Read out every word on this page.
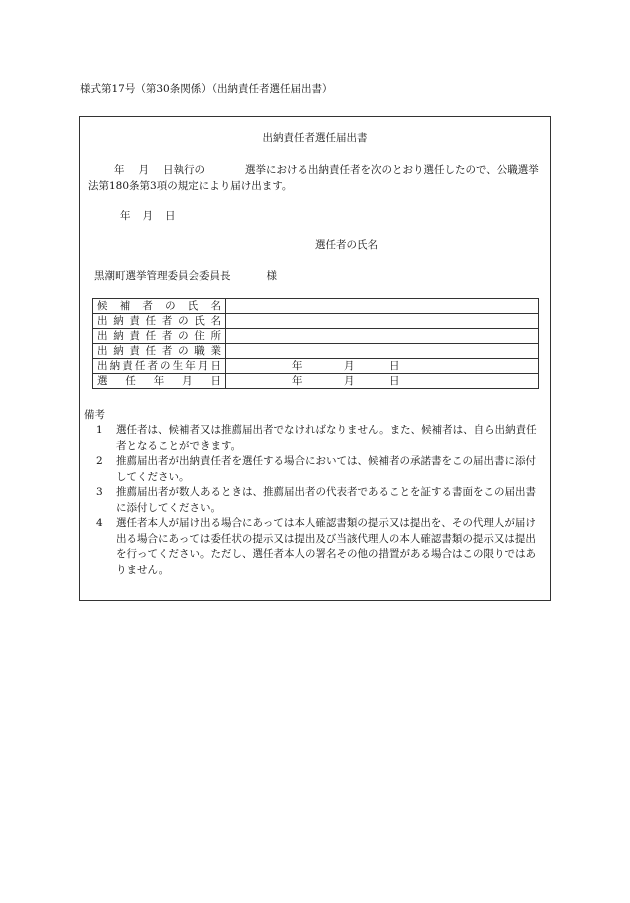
様式第17号（第30条関係）（出納責任者選任届出書）
出納責任者選任届出書
年 月 日執行の	選挙における出納責任者を次のとおり選任したので、公職選挙法第180条第3項の規定により届け出ます。
年 月 日
選任者の氏名
黒潮町選挙管理委員会委員長	様
候補者の氏名	
出納責任者の氏名	
出納責任者の住所	
出納責任者の職業	
出納責任者の生年月日	年 月 日

選任年月日	年 月 日
備考
1	選任者は、候補者又は推薦届出者でなければなりません。また、候補者は、自ら出納責任者となることができます。
2	推薦届出者が出納責任者を選任する場合においては、候補者の承諾書をこの届出書に添付してください。
3	推薦届出者が数人あるときは、推薦届出者の代表者であることを証する書面をこの届出書に添付してください。
4	選任者本人が届け出る場合にあっては本人確認書類の提示又は提出を、その代理人が届け出る場合にあっては委任状の提示又は提出及び当該代理人の本人確認書類の提示又は提出を行ってください。ただし、選任者本人の署名その他の措置がある場合はこの限りではありません。
